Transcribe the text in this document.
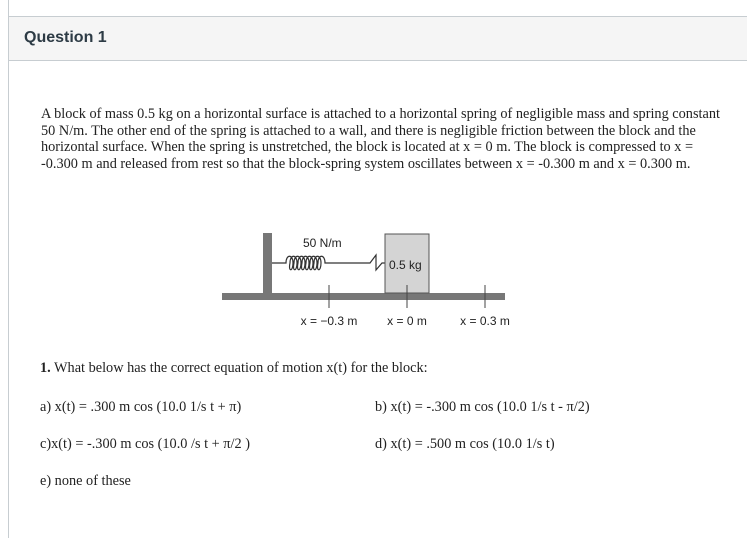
Question 1

A block of mass 0.5 kg on a horizontal surface is attached to a horizontal spring of negligible mass and spring constant 50 N/m. The other end of the spring is attached to a wall, and there is negligible friction between the block and the horizontal surface. When the spring is unstretched, the block is located at x = 0 m. The block is compressed to x = -0.300 m and released from rest so that the block-spring system oscillates between x = -0.300 m and x = 0.300 m.

50 N/m
0.5 kg
x = −0.3 m x = 0 m	x = 0.3 m
1. What below has the correct equation of motion x(t) for the block:
a) x(t) = .300 m cos (10.0 1/s t + π)	b) x(t) = -.300 m cos (10.0 1/s t - π/2)
c)x(t) = -.300 m cos (10.0 /s t + π/2 )	d) x(t) = .500 m cos (10.0 1/s t)
e) none of these
